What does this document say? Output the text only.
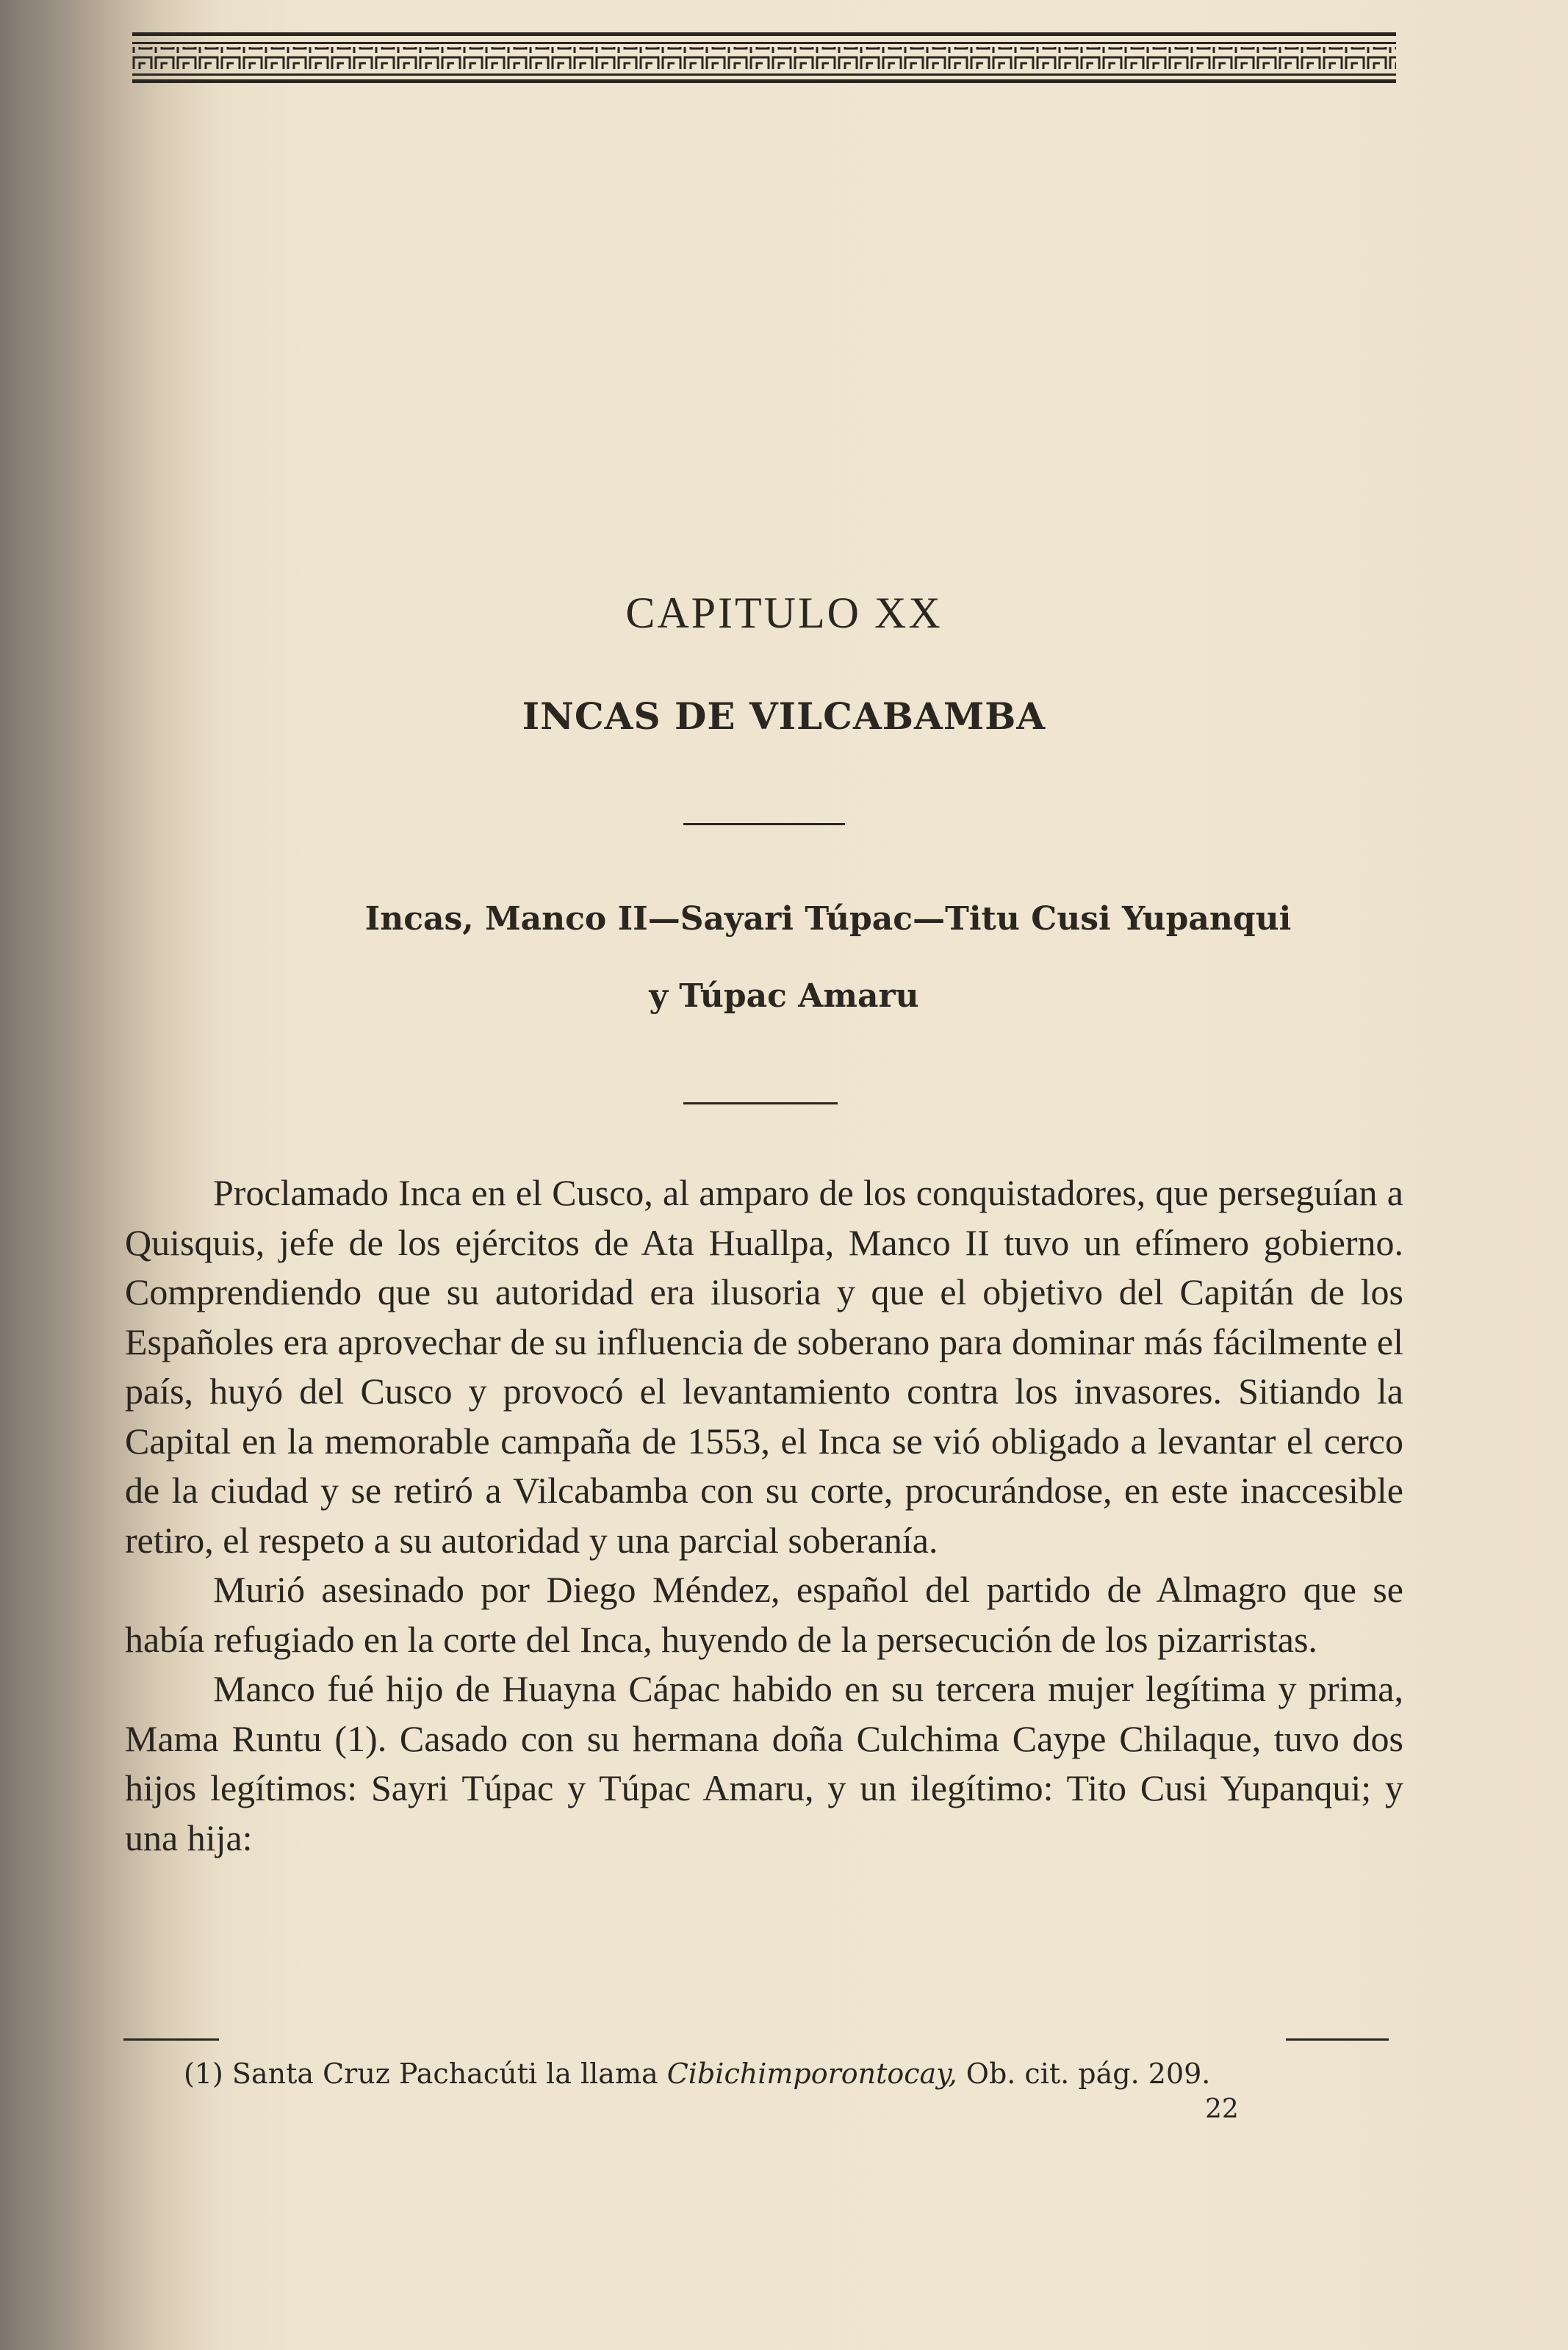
CAPITULO XX
INCAS DE VILCABAMBA
Incas, Manco II—Sayari Túpac—Titu Cusi Yupanqui
y Túpac Amaru

Proclamado Inca en el Cusco, al amparo de los conquistadores, que perseguían a Quisquis, jefe de los ejércitos de Ata Huallpa, Manco II tuvo un efímero gobierno. Comprendiendo que su autoridad era ilusoria y que el objetivo del Capitán de los Españoles era aprovechar de su influencia de soberano para dominar más fácilmente el país, huyó del Cusco y provocó el levantamiento contra los invasores. Sitiando la Capital en la memorable campaña de 1553, el Inca se vió obligado a levantar el cerco de la ciudad y se retiró a Vilcabamba con su corte, procurándose, en este inaccesible retiro, el respeto a su autoridad y una parcial soberanía.

Murió asesinado por Diego Méndez, español del partido de Almagro que se había refugiado en la corte del Inca, huyendo de la persecución de los pizarristas.

Manco fué hijo de Huayna Cápac habido en su tercera mujer legítima y prima, Mama Runtu (1). Casado con su hermana doña Culchima Caype Chilaque, tuvo dos hijos legítimos: Sayri Túpac y Túpac Amaru, y un ilegítimo: Tito Cusi Yupanqui; y una hija:

(1) Santa Cruz Pachacúti la llama Cibichimporontocay, Ob. cit. pág. 209.
22
